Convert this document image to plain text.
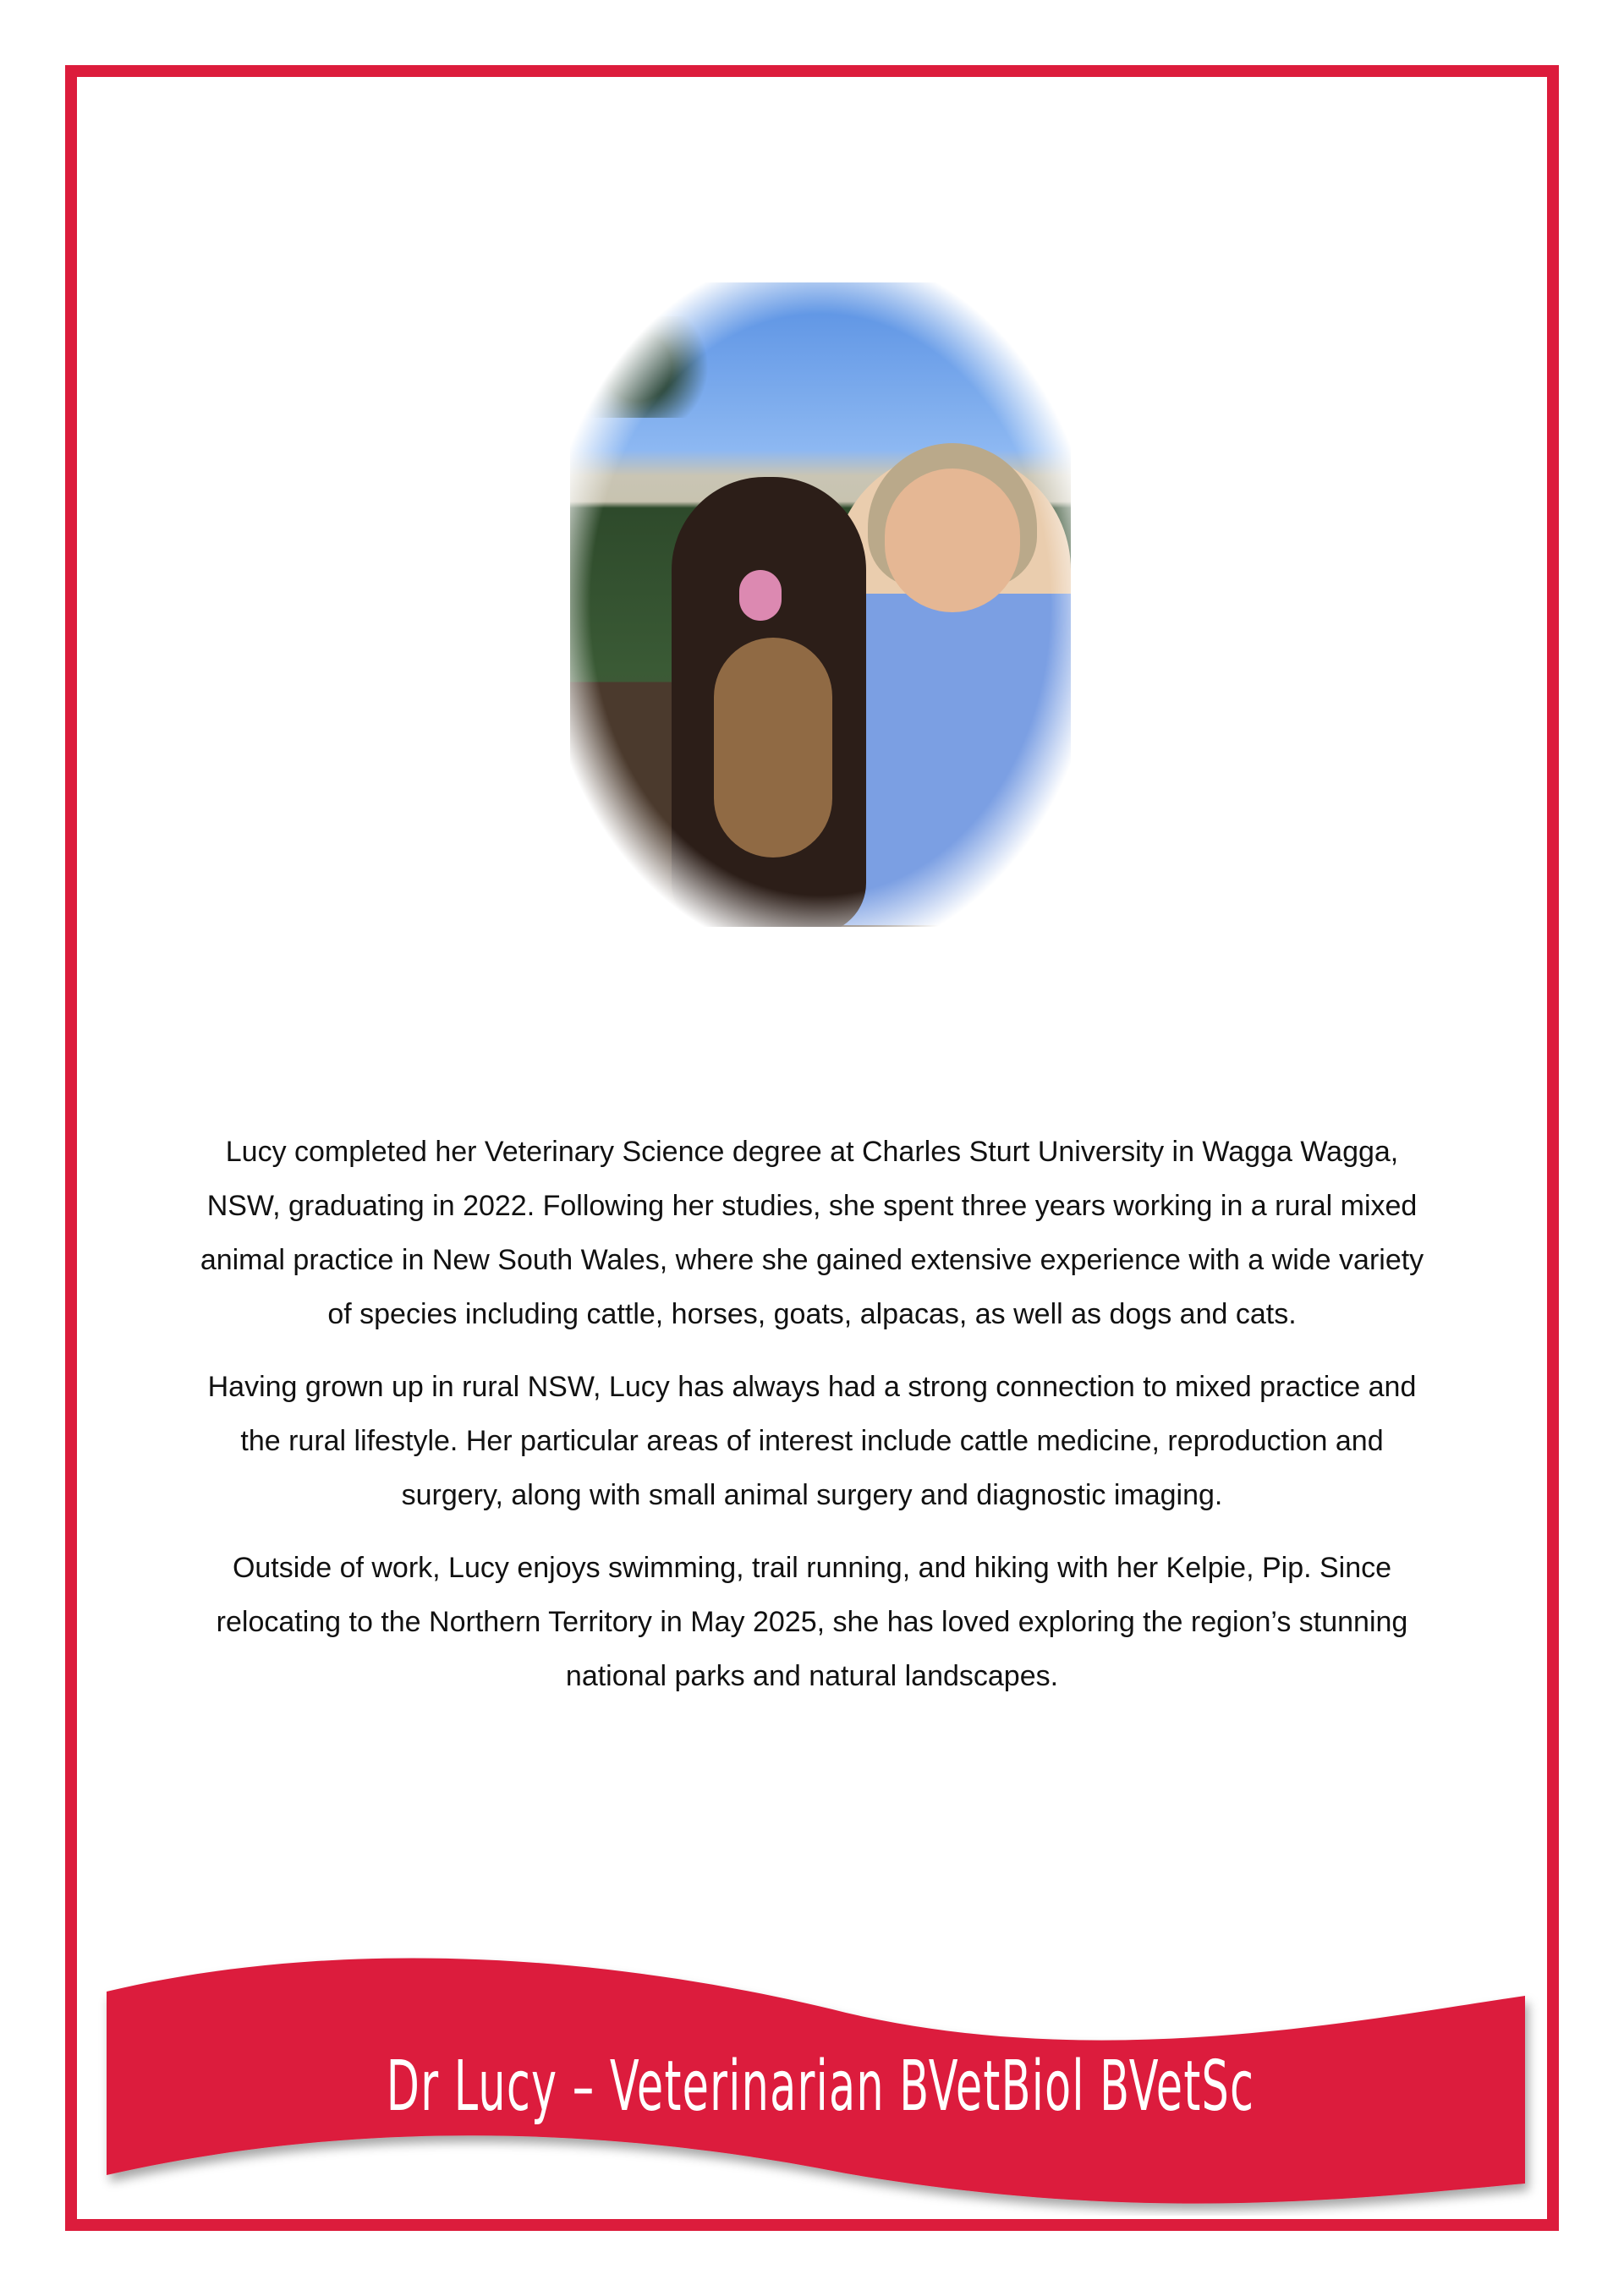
Lucy completed her Veterinary Science degree at Charles Sturt University in Wagga Wagga, NSW, graduating in 2022. Following her studies, she spent three years working in a rural mixed animal practice in New South Wales, where she gained extensive experience with a wide variety of species including cattle, horses, goats, alpacas, as well as dogs and cats.

Having grown up in rural NSW, Lucy has always had a strong connection to mixed practice and the rural lifestyle. Her particular areas of interest include cattle medicine, reproduction and surgery, along with small animal surgery and diagnostic imaging.

Outside of work, Lucy enjoys swimming, trail running, and hiking with her Kelpie, Pip. Since relocating to the Northern Territory in May 2025, she has loved exploring the region’s stunning national parks and natural landscapes.

Dr Lucy – Veterinarian BVetBiol BVetSc
